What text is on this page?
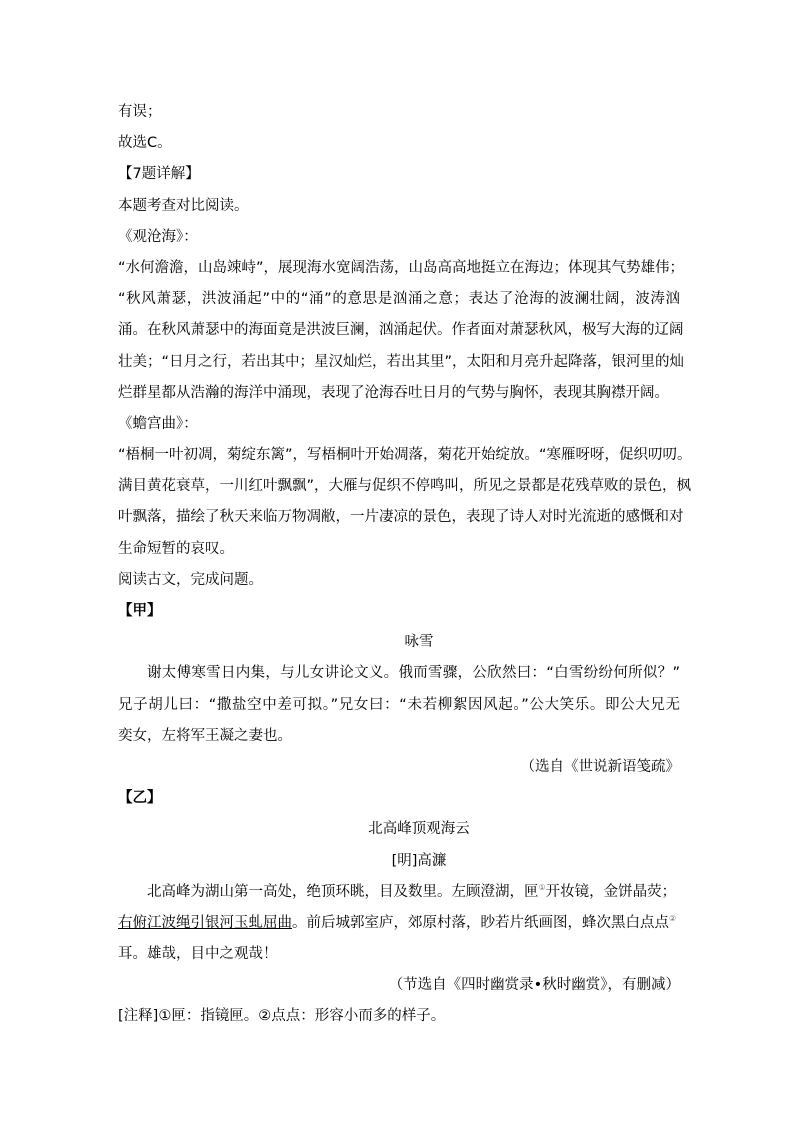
有误；
故选C。
【7题详解】
本题考查对比阅读。
《观沧海》：
“水何澹澹，山岛竦峙”，展现海水宽阔浩荡，山岛高高地挺立在海边；体现其气势雄伟；
“秋风萧瑟，洪波涌起”中的“涌”的意思是汹涌之意；表达了沧海的波澜壮阔，波涛汹
涌。在秋风萧瑟中的海面竟是洪波巨澜，汹涌起伏。作者面对萧瑟秋风，极写大海的辽阔
壮美；“日月之行，若出其中；星汉灿烂，若出其里”，太阳和月亮升起降落，银河里的灿
烂群星都从浩瀚的海洋中涌现，表现了沧海吞吐日月的气势与胸怀，表现其胸襟开阔。
《蟾宫曲》：
“梧桐一叶初凋，菊绽东篱”，写梧桐叶开始凋落，菊花开始绽放。“寒雁呀呀，促织叨叨。
满目黄花衰草，一川红叶飘飘”，大雁与促织不停鸣叫，所见之景都是花残草败的景色，枫
叶飘落，描绘了秋天来临万物凋敝，一片凄凉的景色，表现了诗人对时光流逝的感慨和对
生命短暂的哀叹。
阅读古文，完成问题。
【甲】
咏雪
谢太傅寒雪日内集，与儿女讲论文义。俄而雪骤，公欣然曰：“白雪纷纷何所似？”
兄子胡儿曰：“撒盐空中差可拟。”兄女曰：“未若柳絮因风起。”公大笑乐。即公大兄无
奕女，左将军王凝之妻也。
（选自《世说新语笺疏》
【乙】
北高峰顶观海云
[明]高濂
北高峰为湖山第一高处，绝顶环眺，目及数里。左顾澄湖，匣①开妆镜，金饼晶荧；
右俯江波绳引银河玉虬屈曲。前后城郭室庐，郊原村落，眇若片纸画图，蜂次黑白点点②
耳。雄哉，目中之观哉！
（节选自《四时幽赏录•秋时幽赏》，有删减）
[注释]①匣：指镜匣。②点点：形容小而多的样子。
